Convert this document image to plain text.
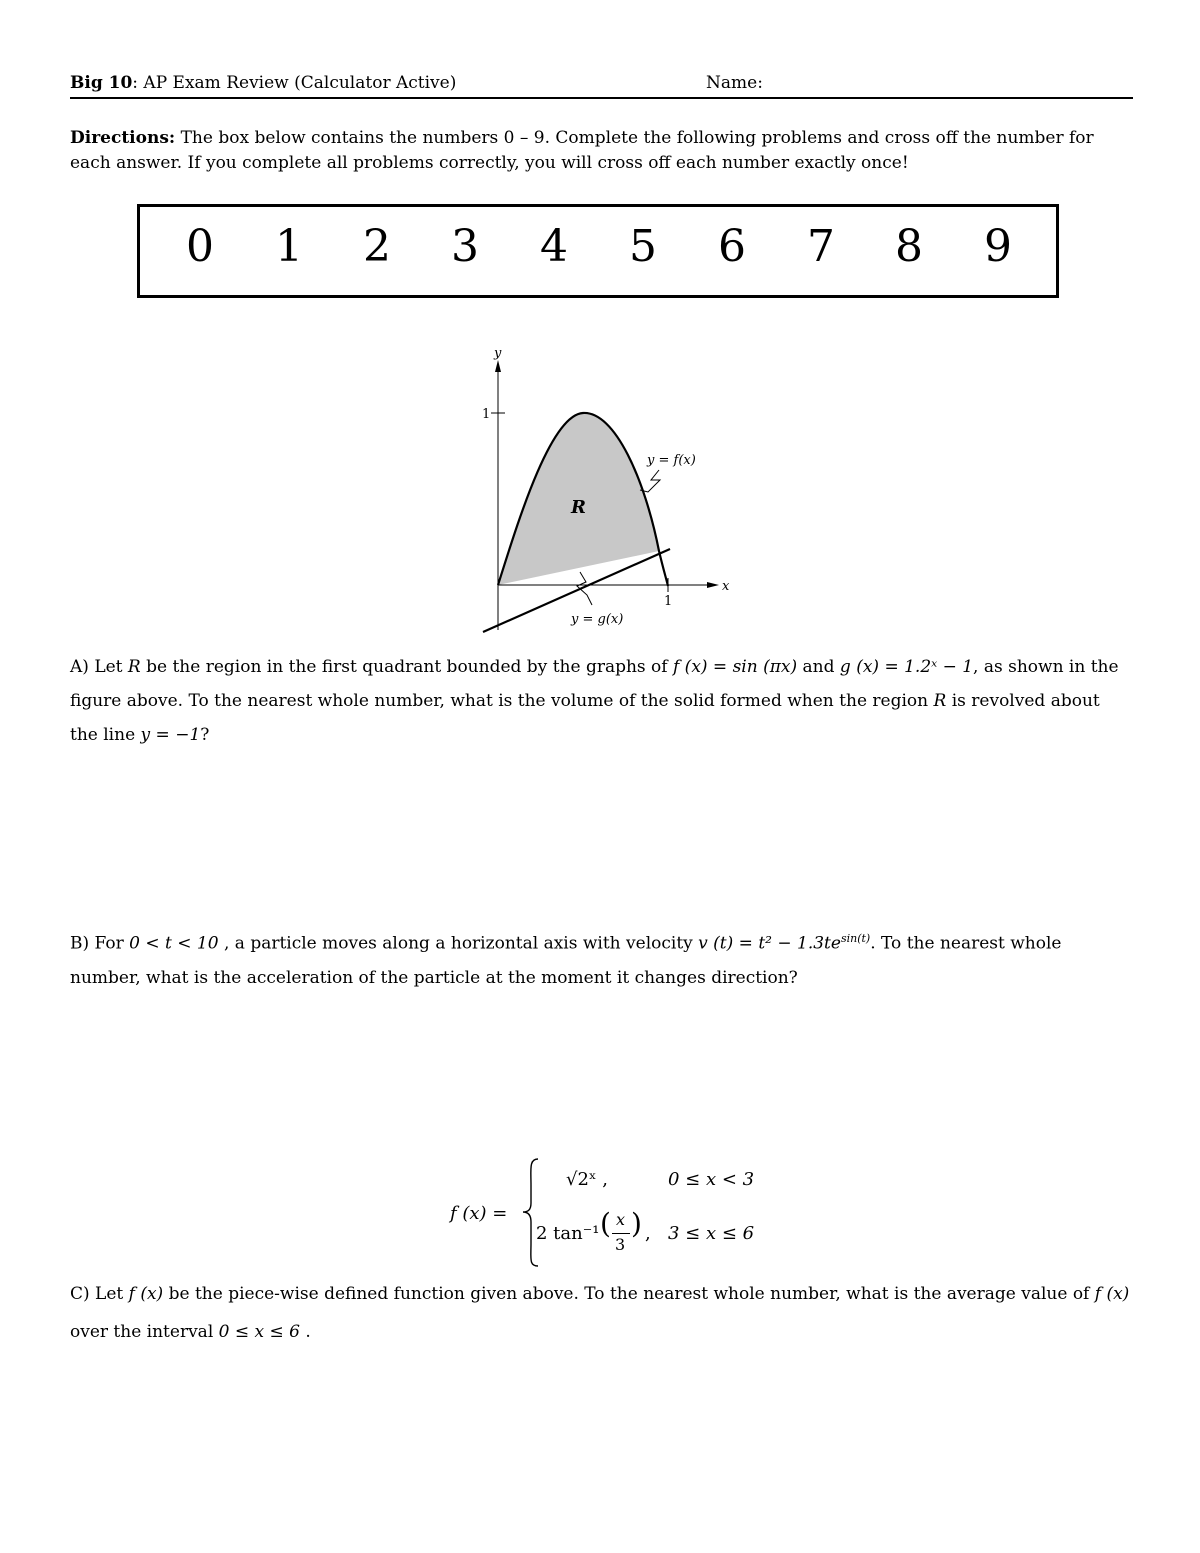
Big 10: AP Exam Review (Calculator Active)	Name:
Directions: The box below contains the numbers 0 – 9. Complete the following problems and cross off the number for each answer. If you complete all problems correctly, you will cross off each number exactly once!
0 1 2 3 4 5 6 7 8 9
y
x
1
1
R
y = f(x)
y = g(x)
A) Let R be the region in the first quadrant bounded by the graphs of f (x) = sin (πx) and g (x) = 1.2ˣ − 1, as shown in the figure above. To the nearest whole number, what is the volume of the solid formed when the region R is revolved about the line y = −1?
B) For 0 < t < 10 , a particle moves along a horizontal axis with velocity v $(t) = t^2 - 1.3te^{sin(t)}$. To the nearest whole number, what is the acceleration of the particle at the moment it changes direction?
f (x) =
√2ˣ ,	0 ≤ x < 3
2 tan⁻¹ ( x
3
) , 3 ≤ x ≤ 6
C) Let f (x) be the piece-wise defined function given above. To the nearest whole number, what is the average value of f (x) over the interval 0 ≤ x ≤ 6 .
